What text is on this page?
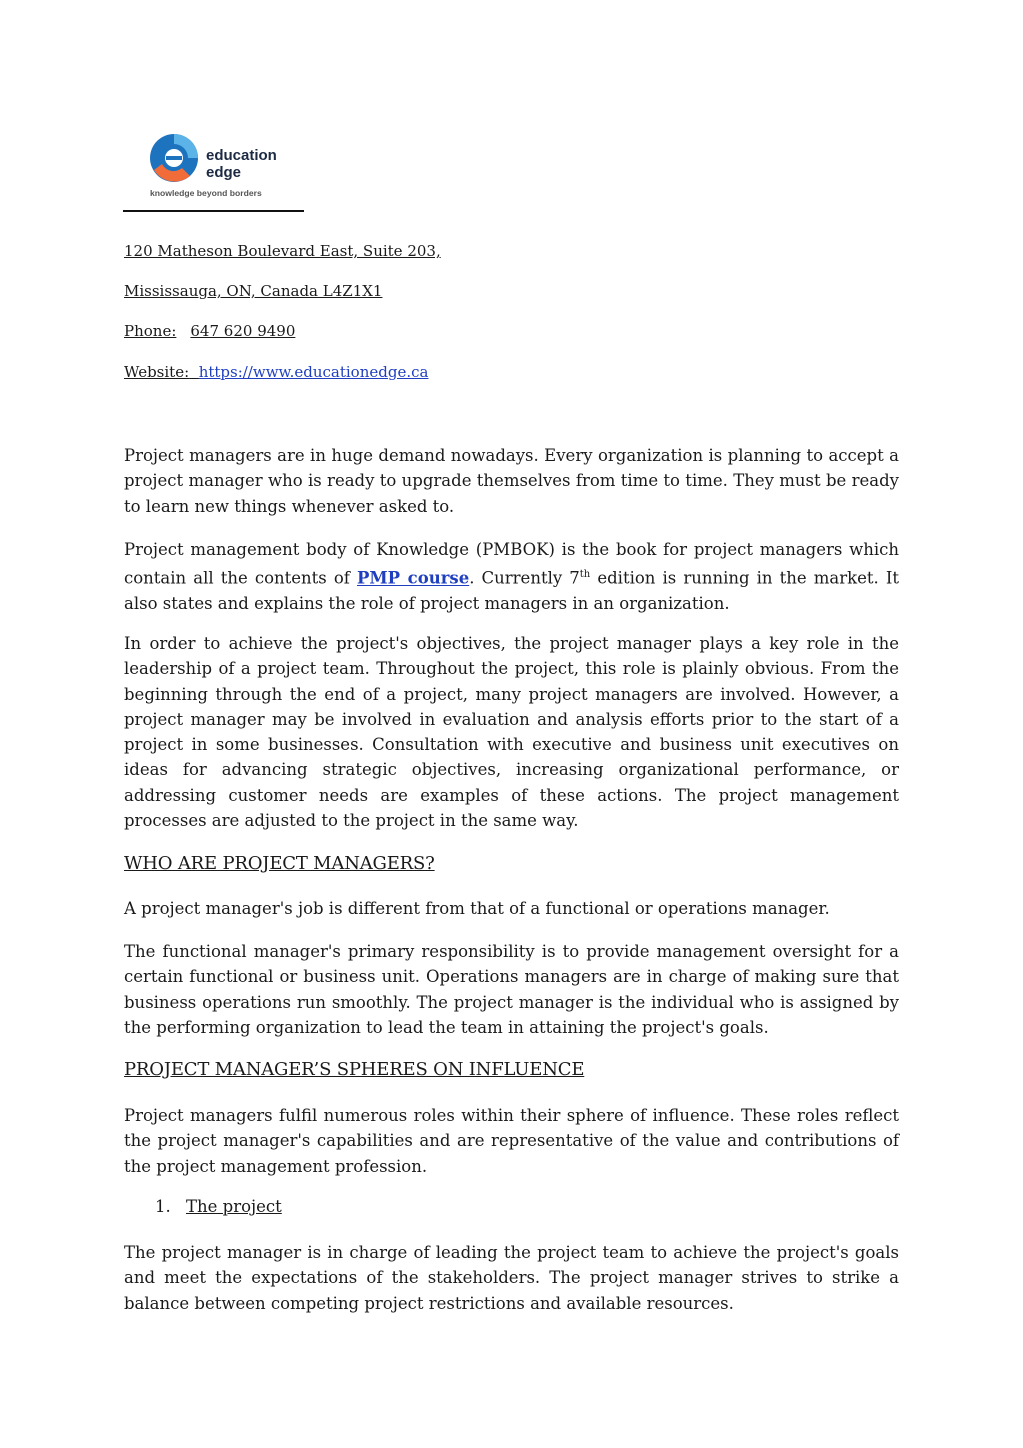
education
edge
knowledge beyond borders
120 Matheson Boulevard East, Suite 203,
Mississauga, ON, Canada L4Z1X1
Phone: 647 620 9490
Website: https://www.educationedge.ca

Project managers are in huge demand nowadays. Every organization is planning to accept a project manager who is ready to upgrade themselves from time to time. They must be ready to learn new things whenever asked to.

Project management body of Knowledge (PMBOK) is the book for project managers which contain all the contents of PMP course. Currently 7th edition is running in the market. It also states and explains the role of project managers in an organization.

In order to achieve the project's objectives, the project manager plays a key role in the leadership of a project team. Throughout the project, this role is plainly obvious. From the beginning through the end of a project, many project managers are involved. However, a project manager may be involved in evaluation and analysis efforts prior to the start of a project in some businesses. Consultation with executive and business unit executives on ideas for advancing strategic objectives, increasing organizational performance, or addressing customer needs are examples of these actions. The project management processes are adjusted to the project in the same way.

WHO ARE PROJECT MANAGERS?

A project manager's job is different from that of a functional or operations manager.

The functional manager's primary responsibility is to provide management oversight for a certain functional or business unit. Operations managers are in charge of making sure that business operations run smoothly. The project manager is the individual who is assigned by the performing organization to lead the team in attaining the project's goals.

PROJECT MANAGER’S SPHERES ON INFLUENCE

Project managers fulfil numerous roles within their sphere of influence. These roles reflect the project manager's capabilities and are representative of the value and contributions of the project management profession.

1. The project

The project manager is in charge of leading the project team to achieve the project's goals and meet the expectations of the stakeholders. The project manager strives to strike a balance between competing project restrictions and available resources.
